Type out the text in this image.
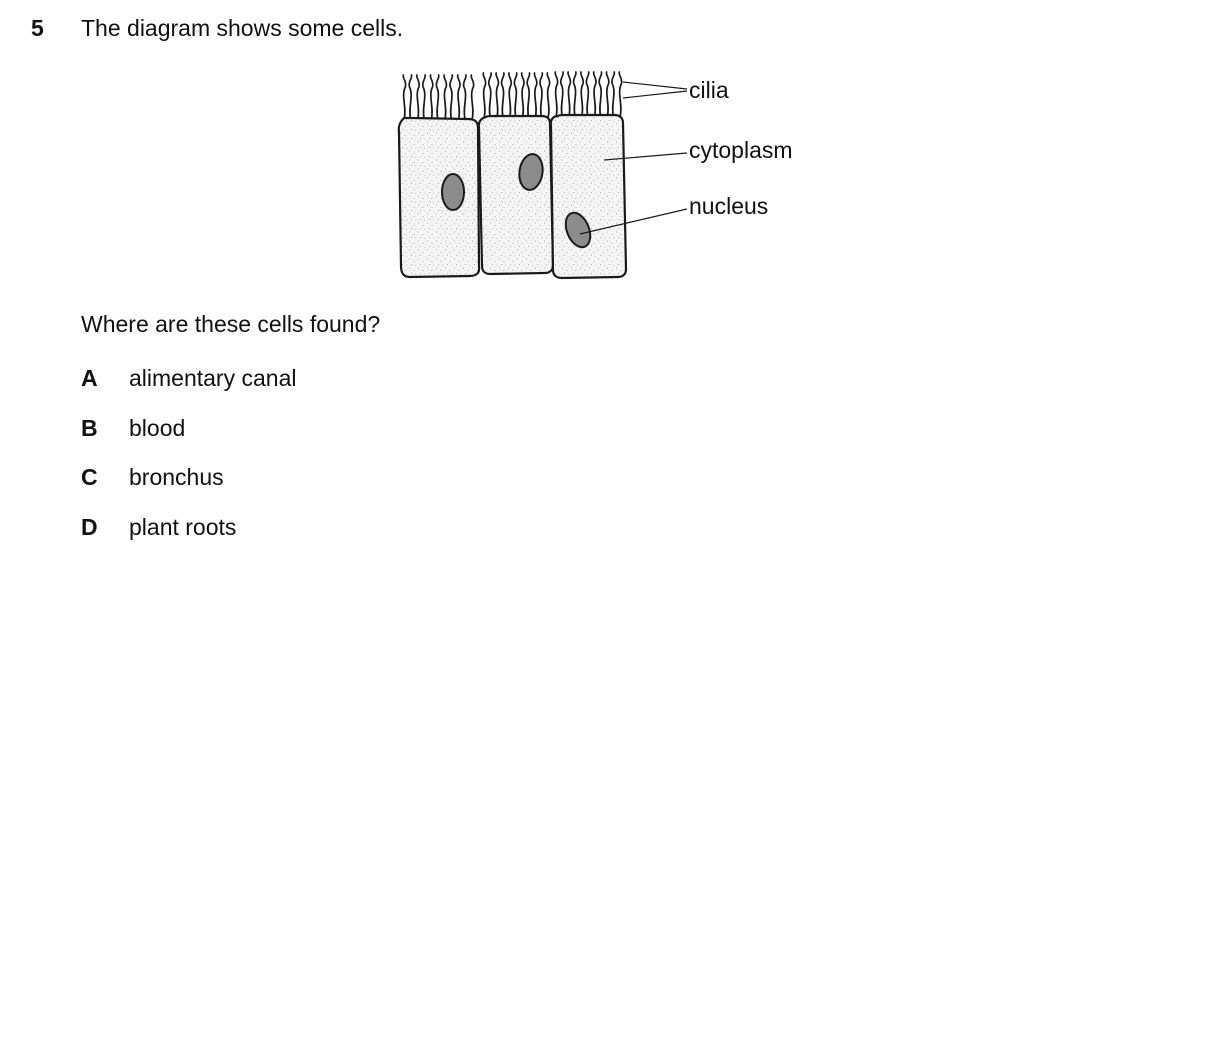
5 The diagram shows some cells.
cilia
cytoplasm
nucleus
Where are these cells found?
A alimentary canal
B blood
C bronchus
D plant roots
